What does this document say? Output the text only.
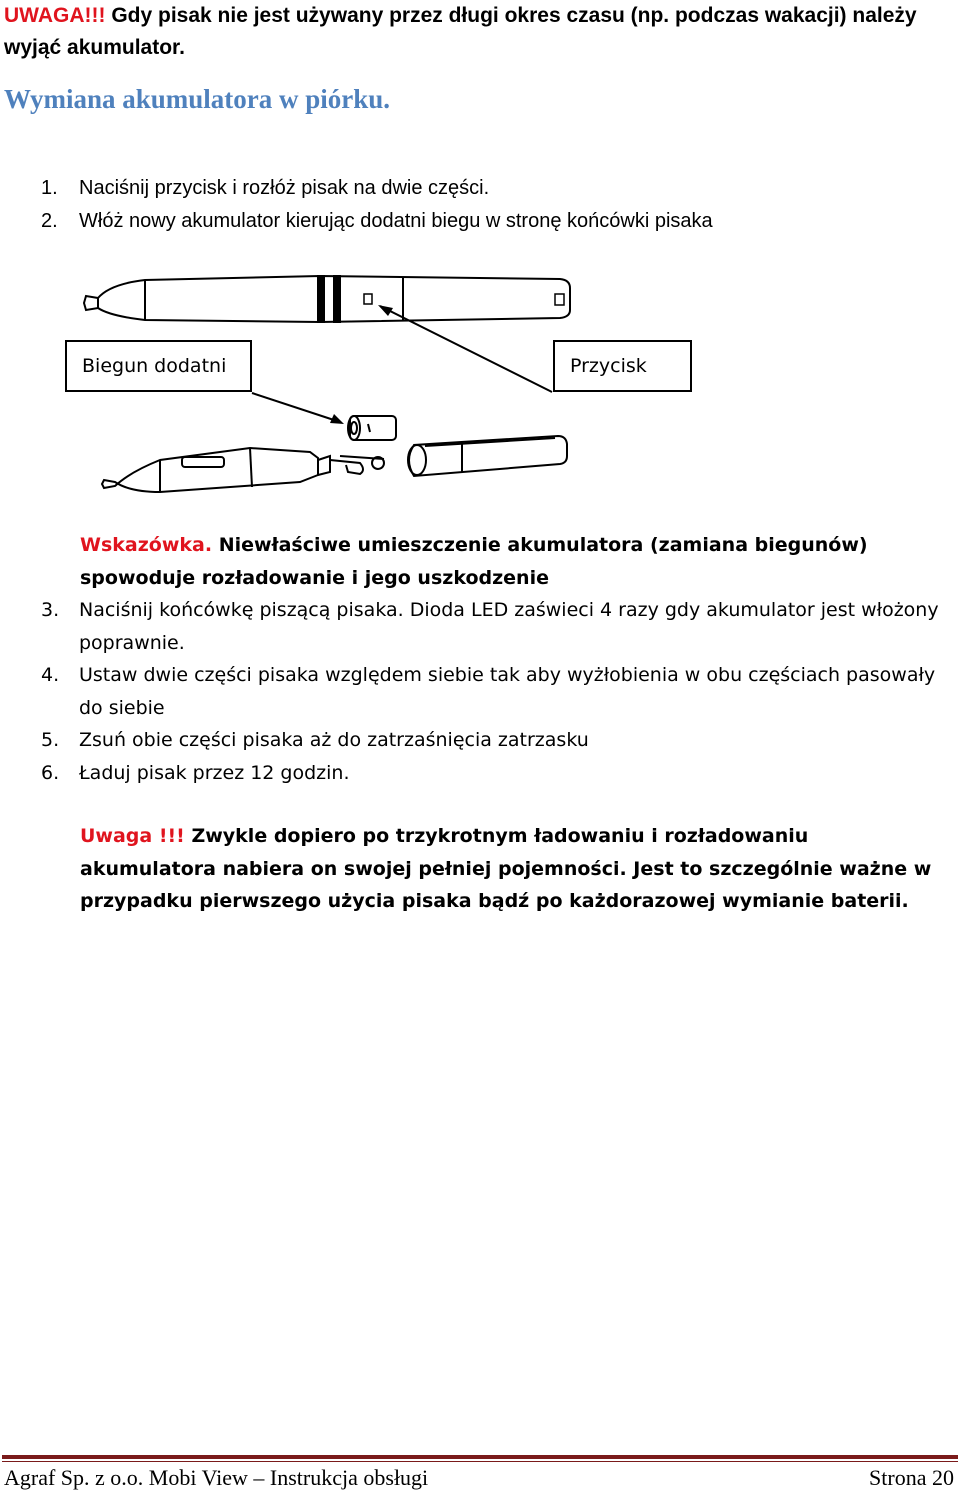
UWAGA!!! Gdy pisak nie jest używany przez długi okres czasu (np. podczas wakacji) należy wyjąć akumulator.
Wymiana akumulatora w piórku.
1. Naciśnij przycisk i rozłóż pisak na dwie części.
2. Włóż nowy akumulator kierując dodatni biegu w stronę końcówki pisaka
Biegun dodatni	Przycisk
Wskazówka. Niewłaściwe umieszczenie akumulatora (zamiana biegunów) spowoduje rozładowanie i jego uszkodzenie
3. Naciśnij końcówkę piszącą pisaka. Dioda LED zaświeci 4 razy gdy akumulator jest włożony poprawnie.
4. Ustaw dwie części pisaka względem siebie tak aby wyżłobienia w obu częściach pasowały do siebie
5. Zsuń obie części pisaka aż do zatrzaśnięcia zatrzasku
6. Ładuj pisak przez 12 godzin.
Uwaga !!! Zwykle dopiero po trzykrotnym ładowaniu i rozładowaniu akumulatora nabiera on swojej pełniej pojemności. Jest to szczególnie ważne w przypadku pierwszego użycia pisaka bądź po każdorazowej wymianie baterii.
Agraf Sp. z o.o. Mobi View – Instrukcja obsługi	Strona 20
